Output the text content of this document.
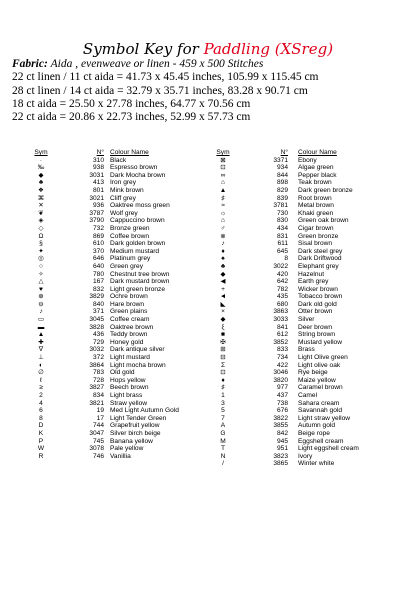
Symbol Key for Paddling (XSreg)
Fabric: Aida , evenweave or linen - 459 x 500 Stitches
22 ct linen / 11 ct aida = 41.73 x 45.45 inches, 105.99 x 115.45 cm
28 ct linen / 14 ct aida = 32.79 x 35.71 inches, 83.28 x 90.71 cm
18 ct aida = 25.50 x 27.78 inches, 64.77 x 70.56 cm
22 ct aida = 20.86 x 22.73 inches, 52.99 x 57.73 cm
Sym	N° Colour Name
·	310 Black
‰	938 Espresso brown
◆	3031 Dark Mocha brown
♣	413 Iron grey
❖	801 Mink brown
⌘	3021 Cliff grey
✕	936 Oaktree moss green
❦	3787 Wolf grey
◈	3790 Cappuccino brown
◇	732 Bronze green
Ω	869 Coffee brown
§	610 Dark golden brown
✦	370 Medium mustard
◎	646 Platinum grey
○	640 Green grey
✧	780 Chestnut tree brown
△	167 Dark mustard brown
♥	832 Light green bronze
⊕	3829 Ochre brown
⊖	840 Hare brown
♪	371 Green plains
▭	3045 Coffee cream
▬	3828 Oaktree brown
▲	436 Teddy brown
✚	729 Honey gold
∇	3032 Dark antique silver
⊥	372 Light mustard
◐	3864 Light mocha brown
∅	783 Old gold
ℓ	728 Hops yellow
≥	3827 Beech brown
2	834 Light brass
4	3821 Straw yellow
6	19 Med Light Autumn Gold
8	17 Light Tender Green
D	744 Grapefruit yellow
K	3047 Silver birch beige
P	745 Banana yellow
W	3078 Pale yellow
R	746 Vanillia
Sym	N° Colour Name
⊠	3371 Ebony
⊡	934 Algae green
∞	844 Pepper black
⌂	898 Teak brown
▲	829 Dark green bronze
♯	839 Root brown
≈	3781 Metal brown
☼	730 Khaki green
⌂	830 Green oak brown
♂	434 Cigar brown
⊗	831 Green bronze
♪	611 Sisal brown
♦	645 Dark steel grey
♠	8 Dark Driftwood
♣	3022 Elephant grey
◆	420 Hazelnut
◀	642 Earth grey
+	782 Wicker brown
◄	435 Tobacco brown
◣	680 Dark old gold
×	3863 Otter brown
◆	3033 Silver
ξ	841 Deer brown
■	612 String brown
✠	3852 Mustard yellow
⊞	833 Brass
⊟	734 Light Olive green
Σ	422 Light olive oak
⊡	3046 Rye beige
♦	3820 Maize yellow
♯	977 Caramel brown
1	437 Camel
3	738 Sahara cream
5	676 Savannah gold
7	3822 Light straw yellow
A	3855 Autumn gold
G	842 Beige rope
M	945 Eggshell cream
T	951 Light eggshell cream
N	3823 Ivory
/	3865 Winter white
